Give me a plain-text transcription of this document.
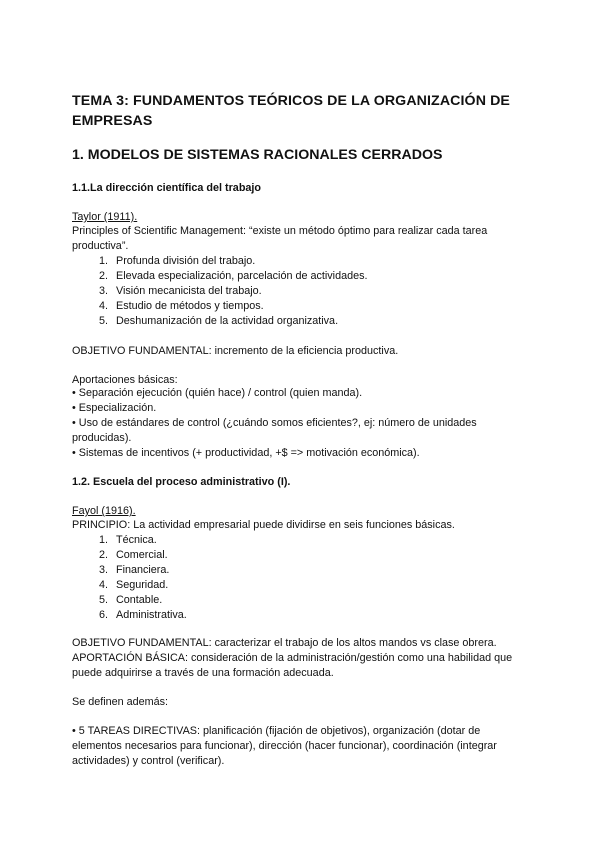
TEMA 3: FUNDAMENTOS TEÓRICOS DE LA ORGANIZACIÓN DE
EMPRESAS
1. MODELOS DE SISTEMAS RACIONALES CERRADOS
1.1.La dirección científica del trabajo
Taylor (1911).
Principles of Scientific Management: “existe un método óptimo para realizar cada tarea
productiva”.
1. Profunda división del trabajo.
2. Elevada especialización, parcelación de actividades.
3. Visión mecanicista del trabajo.
4. Estudio de métodos y tiempos.
5. Deshumanización de la actividad organizativa.
OBJETIVO FUNDAMENTAL: incremento de la eficiencia productiva.
Aportaciones básicas:
• Separación ejecución (quién hace) / control (quien manda).
• Especialización.
• Uso de estándares de control (¿cuándo somos eficientes?, ej: número de unidades
producidas).
• Sistemas de incentivos (+ productividad, +$ => motivación económica).
1.2. Escuela del proceso administrativo (I).
Fayol (1916).
PRINCIPIO: La actividad empresarial puede dividirse en seis funciones básicas.
1. Técnica.
2. Comercial.
3. Financiera.
4. Seguridad.
5. Contable.
6. Administrativa.
OBJETIVO FUNDAMENTAL: caracterizar el trabajo de los altos mandos vs clase obrera.
APORTACIÓN BÁSICA: consideración de la administración/gestión como una habilidad que
puede adquirirse a través de una formación adecuada.
Se definen además:
• 5 TAREAS DIRECTIVAS: planificación (fijación de objetivos), organización (dotar de
elementos necesarios para funcionar), dirección (hacer funcionar), coordinación (integrar
actividades) y control (verificar).
